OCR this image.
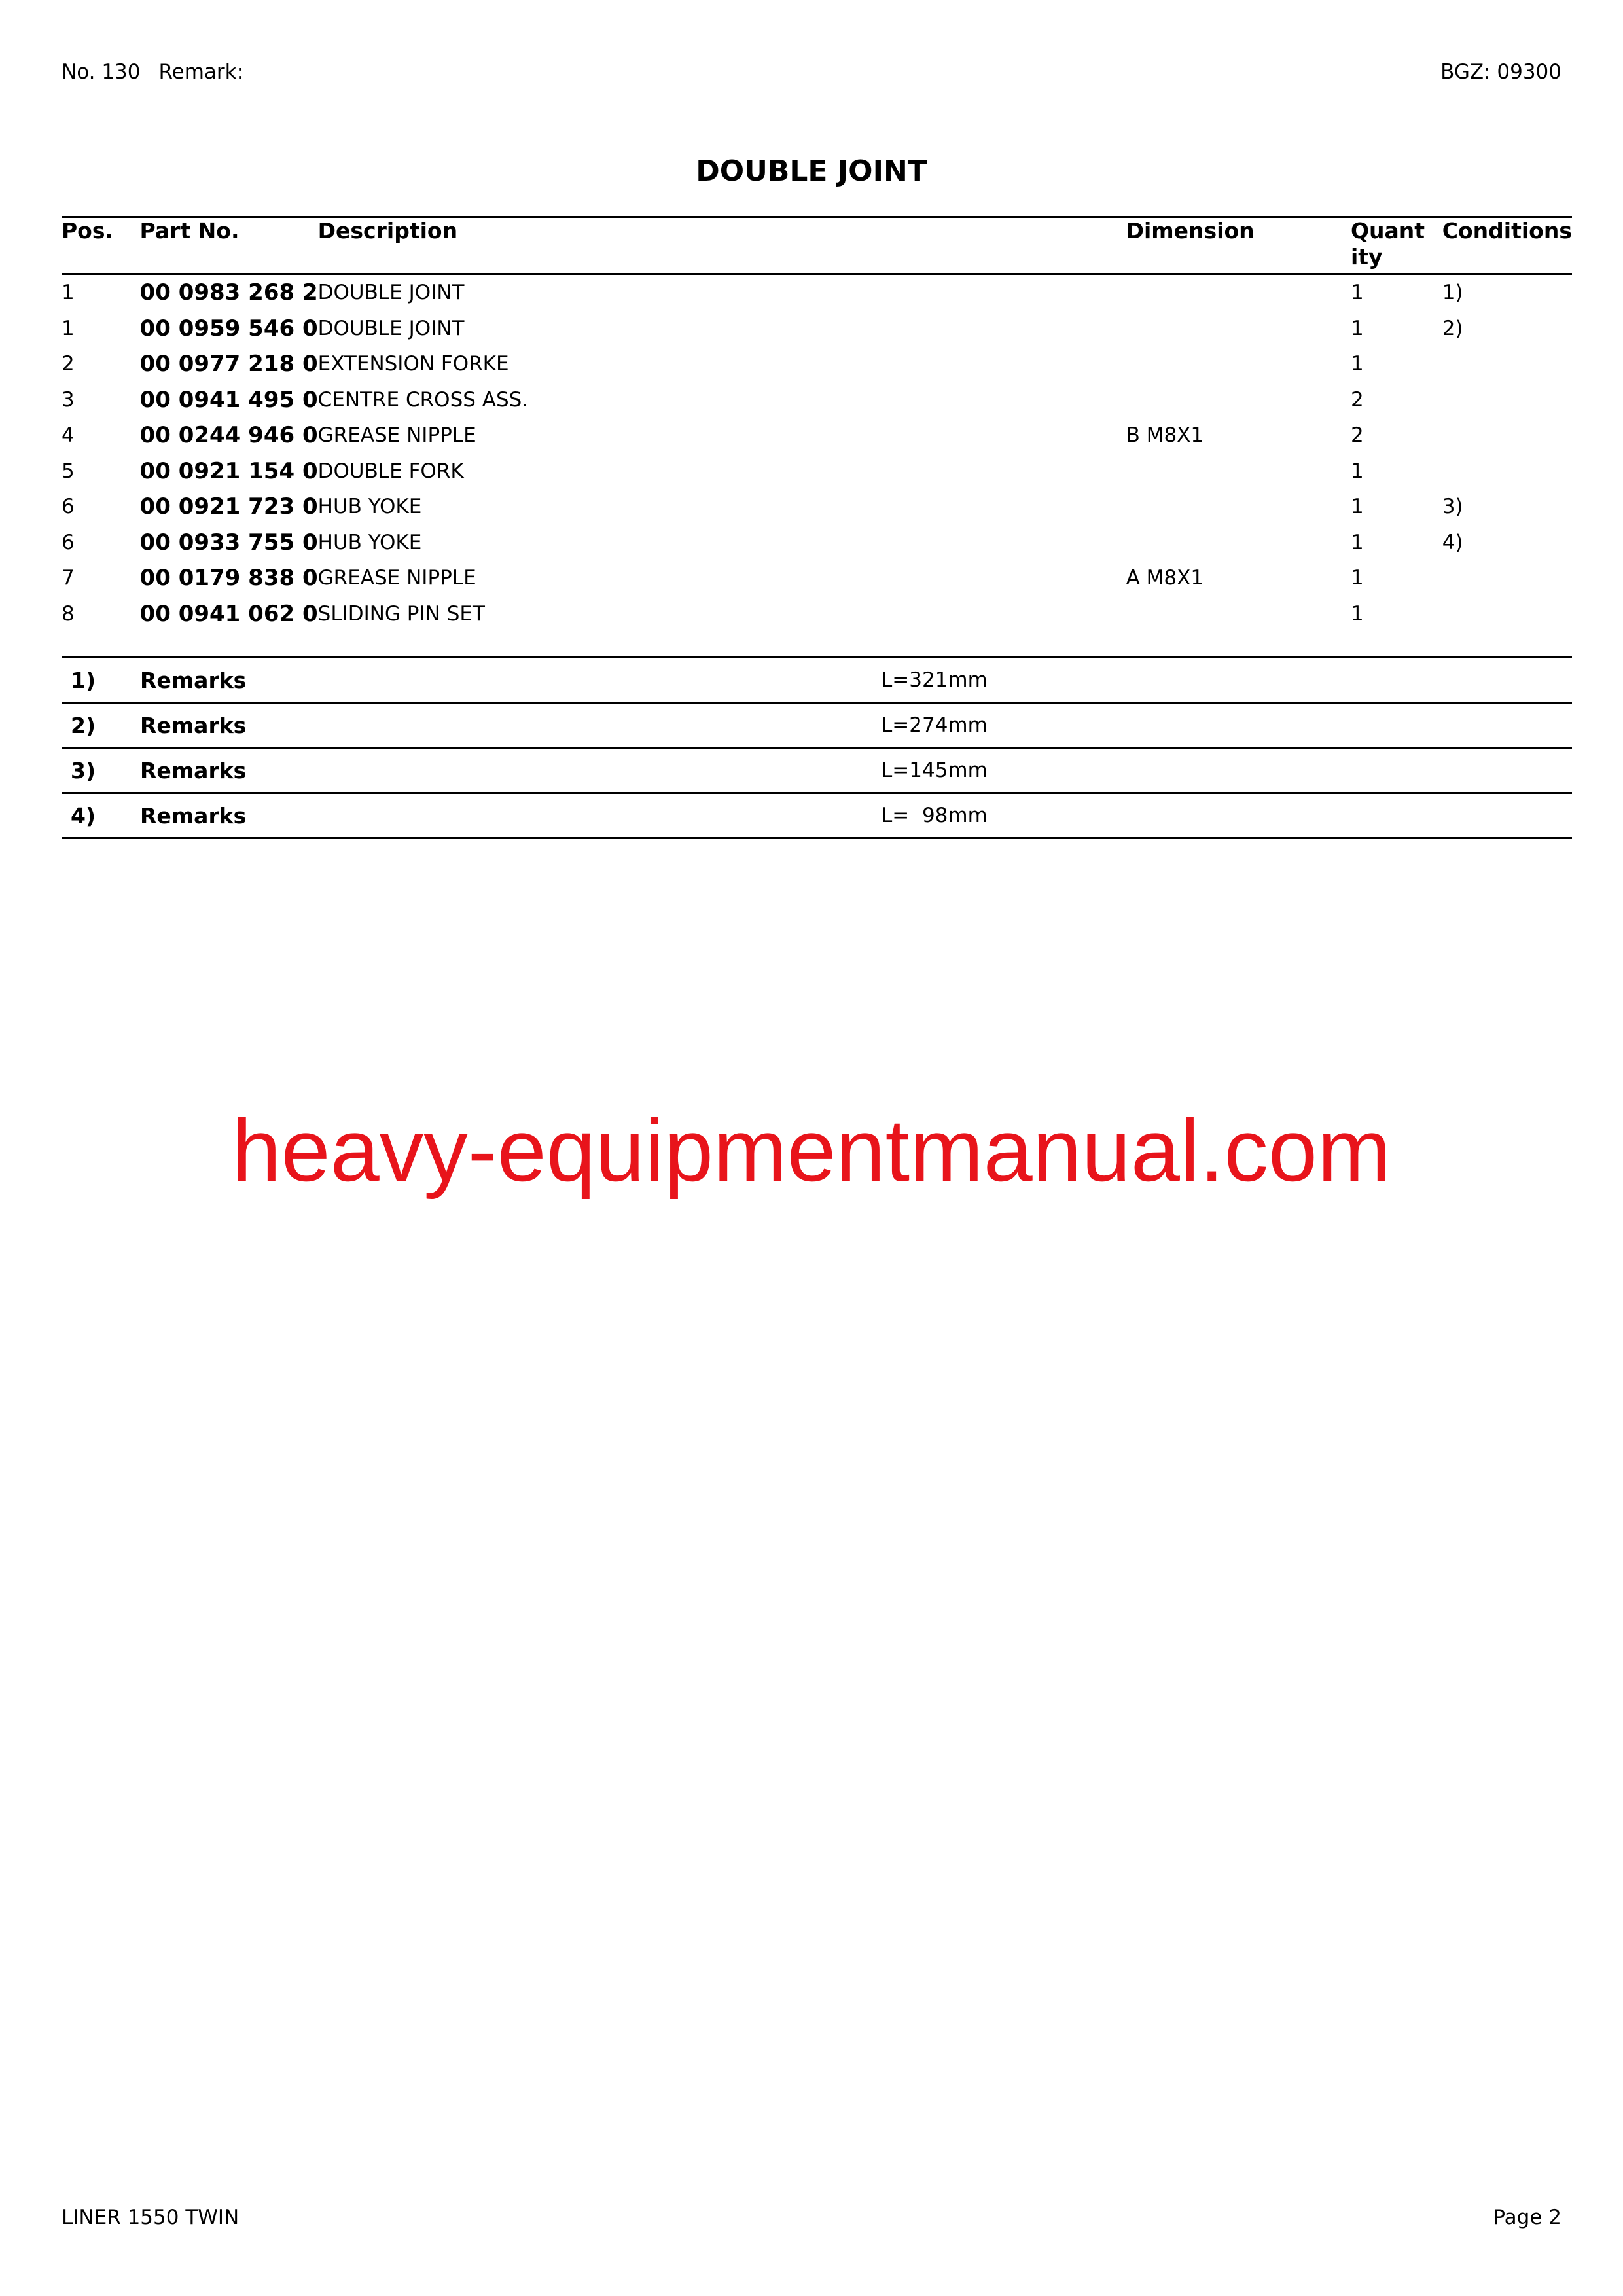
No. 130 Remark:	BGZ: 09300
DOUBLE JOINT
Pos.	Part No.	Description	Dimension	Quantity	Conditions
1	00 0983 268 2	DOUBLE JOINT		1	1)
1	00 0959 546 0	DOUBLE JOINT		1	2)
2	00 0977 218 0	EXTENSION FORKE		1	
3	00 0941 495 0	CENTRE CROSS ASS.		2	
4	00 0244 946 0	GREASE NIPPLE	B M8X1	2	
5	00 0921 154 0	DOUBLE FORK		1	
6	00 0921 723 0	HUB YOKE		1	3)
6	00 0933 755 0	HUB YOKE		1	4)
7	00 0179 838 0	GREASE NIPPLE	A M8X1	1	
8	00 0941 062 0	SLIDING PIN SET		1	
1)	Remarks	L=321mm
2)	Remarks	L=274mm
3)	Remarks	L=145mm
4)	Remarks	L=  98mm
heavy-equipmentmanual.com
LINER 1550 TWIN	Page 2
